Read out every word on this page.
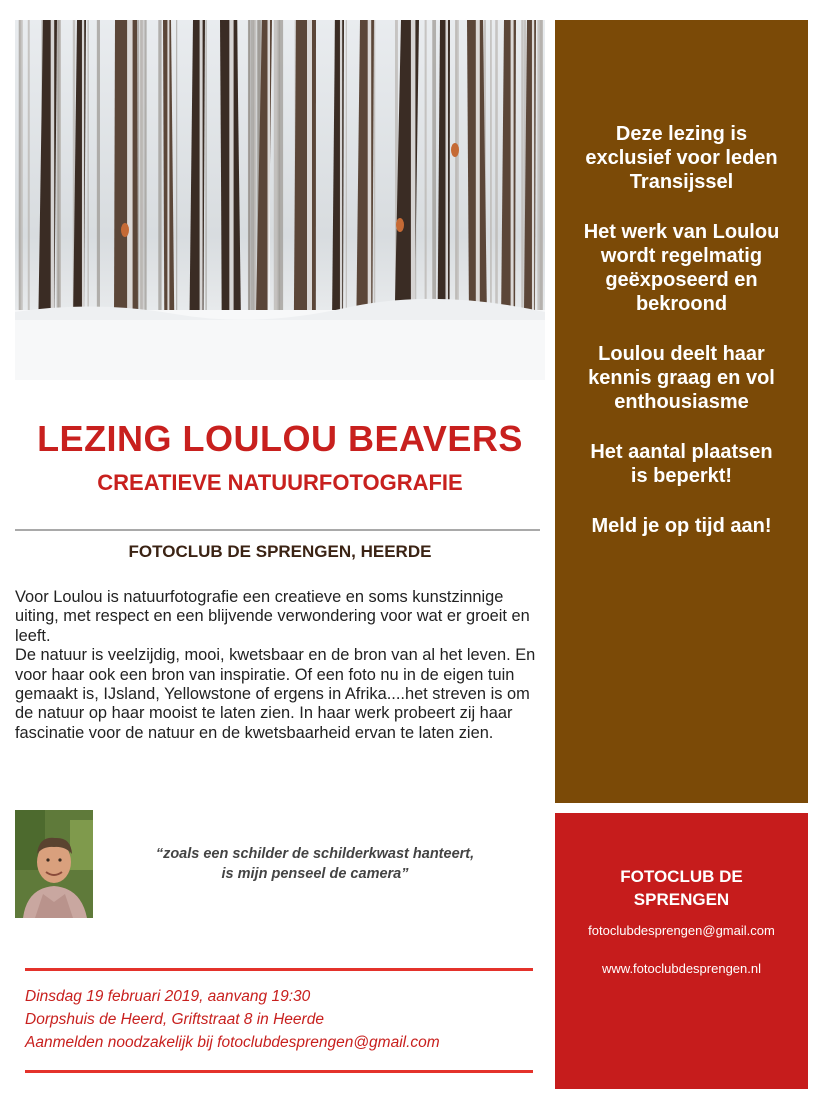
LEZING LOULOU BEAVERS
CREATIEVE NATUURFOTOGRAFIE
FOTOCLUB DE SPRENGEN, HEERDE

Voor Loulou is natuurfotografie een creatieve en soms kunstzinnige uiting, met respect en een blijvende verwondering voor wat er groeit en leeft.

De natuur is veelzijdig, mooi, kwetsbaar en de bron van al het leven. En voor haar ook een bron van inspiratie. Of een foto nu in de eigen tuin gemaakt is, IJsland, Yellowstone of ergens in Afrika....het streven is om de natuur op haar mooist te laten zien. In haar werk probeert zij haar fascinatie voor de natuur en de kwetsbaarheid ervan te laten zien.

“zoals een schilder de schilderkwast hanteert,
is mijn penseel de camera”
Dinsdag 19 februari 2019, aanvang 19:30
Dorpshuis de Heerd, Griftstraat 8 in Heerde
Aanmelden noodzakelijk bij fotoclubdesprengen@gmail.com
Deze lezing is exclusief voor leden Transijssel
Het werk van Loulou wordt regelmatig geëxposeerd en bekroond
Loulou deelt haar kennis graag en vol enthousiasme
Het aantal plaatsen is beperkt!
Meld je op tijd aan!
FOTOCLUB DE SPRENGEN
fotoclubdesprengen@gmail.com
www.fotoclubdesprengen.nl
